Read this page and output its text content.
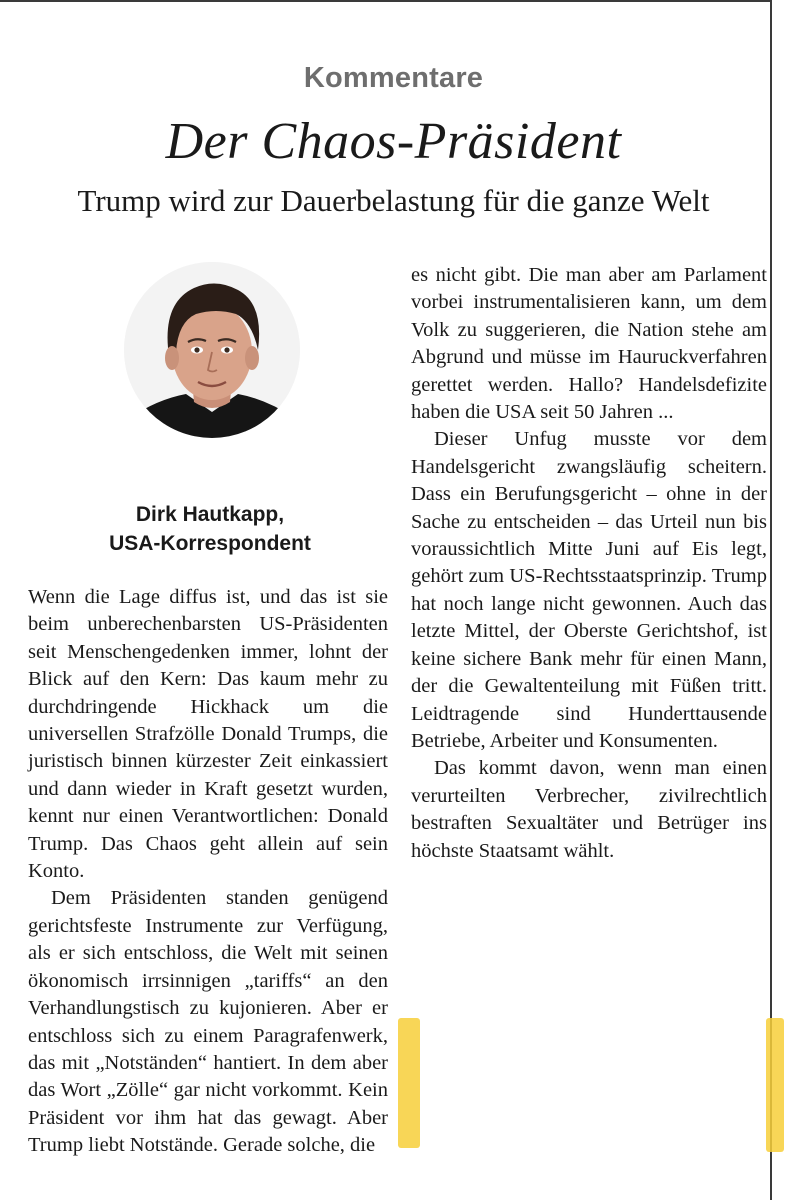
Kommentare
Der Chaos-Präsident
Trump wird zur Dauerbelastung für die ganze Welt
Dirk Hautkapp,
USA-Korrespondent

Wenn die Lage diffus ist, und das ist sie beim unberechenbarsten US-Präsidenten seit Menschengedenken immer, lohnt der Blick auf den Kern: Das kaum mehr zu durchdringende Hickhack um die universellen Strafzölle Donald Trumps, die juristisch binnen kürzester Zeit einkassiert und dann wieder in Kraft gesetzt wurden, kennt nur einen Verantwortlichen: Donald Trump. Das Chaos geht allein auf sein Konto.

Dem Präsidenten standen genügend gerichtsfeste Instrumente zur Verfügung, als er sich entschloss, die Welt mit seinen ökonomisch irrsinnigen „tariffs“ an den Verhandlungstisch zu kujonieren. Aber er entschloss sich zu einem Paragrafenwerk, das mit „Notständen“ hantiert. In dem aber das Wort „Zölle“ gar nicht vorkommt. Kein Präsident vor ihm hat das gewagt. Aber Trump liebt Notstände. Gerade solche, die

es nicht gibt. Die man aber am Parlament vorbei instrumentalisieren kann, um dem Volk zu suggerieren, die Nation stehe am Abgrund und müsse im Hauruckverfahren gerettet werden. Hallo? Handelsdefizite haben die USA seit 50 Jahren ...

Dieser Unfug musste vor dem Handelsgericht zwangsläufig scheitern. Dass ein Berufungsgericht – ohne in der Sache zu entscheiden – das Urteil nun bis voraussichtlich Mitte Juni auf Eis legt, gehört zum US-Rechtsstaatsprinzip. Trump hat noch lange nicht gewonnen. Auch das letzte Mittel, der Oberste Gerichtshof, ist keine sichere Bank mehr für einen Mann, der die Gewaltenteilung mit Füßen tritt. Leidtragende sind Hunderttausende Betriebe, Arbeiter und Konsumenten.

Das kommt davon, wenn man einen verurteilten Verbrecher, zivilrechtlich bestraften Sexualtäter und Betrüger ins höchste Staatsamt wählt.
